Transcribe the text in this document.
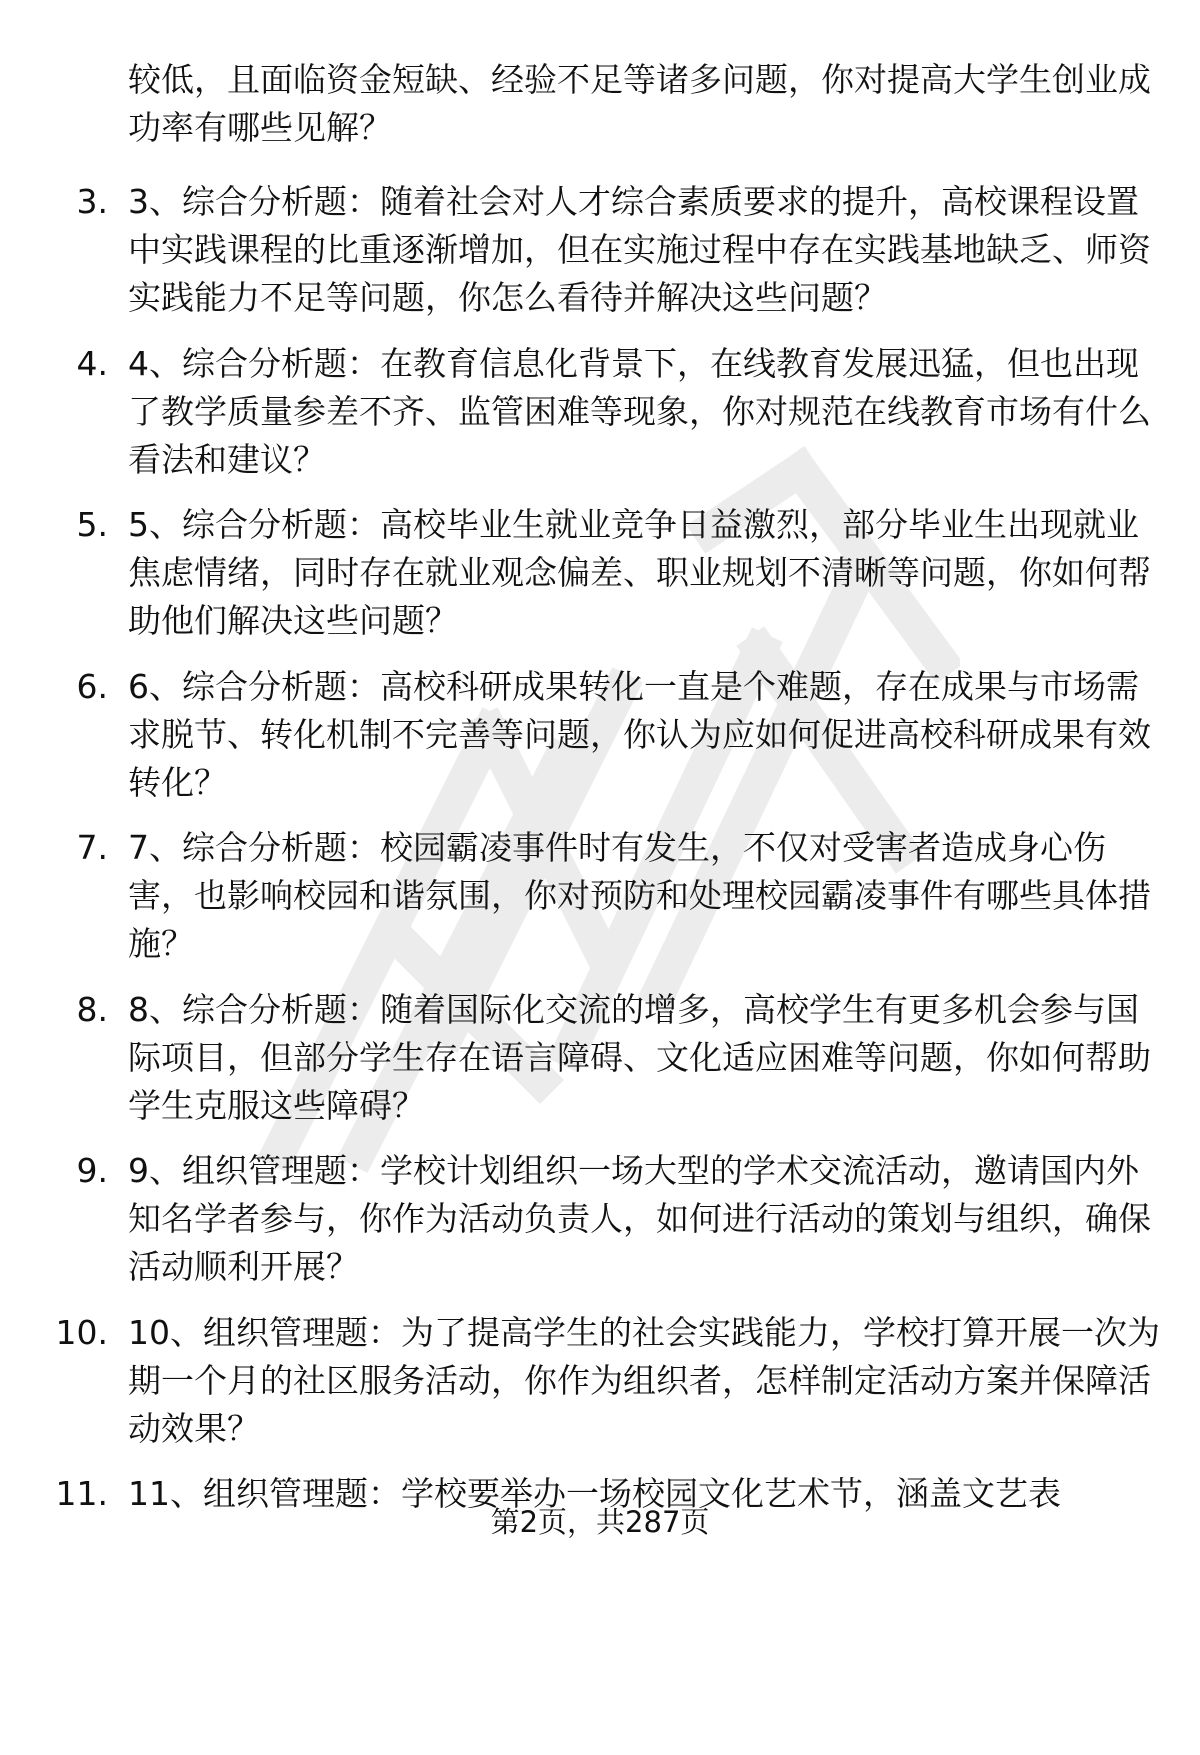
较低，且面临资金短缺、经验不足等诸多问题，你对提高大学生创业成功率有哪些见解？
3. 3、综合分析题：随着社会对人才综合素质要求的提升，高校课程设置中实践课程的比重逐渐增加，但在实施过程中存在实践基地缺乏、师资实践能力不足等问题，你怎么看待并解决这些问题？
4. 4、综合分析题：在教育信息化背景下，在线教育发展迅猛，但也出现了教学质量参差不齐、监管困难等现象，你对规范在线教育市场有什么看法和建议？
5. 5、综合分析题：高校毕业生就业竞争日益激烈，部分毕业生出现就业焦虑情绪，同时存在就业观念偏差、职业规划不清晰等问题，你如何帮助他们解决这些问题？
6. 6、综合分析题：高校科研成果转化一直是个难题，存在成果与市场需求脱节、转化机制不完善等问题，你认为应如何促进高校科研成果有效转化？
7. 7、综合分析题：校园霸凌事件时有发生，不仅对受害者造成身心伤害，也影响校园和谐氛围，你对预防和处理校园霸凌事件有哪些具体措施？
8. 8、综合分析题：随着国际化交流的增多，高校学生有更多机会参与国际项目，但部分学生存在语言障碍、文化适应困难等问题，你如何帮助学生克服这些障碍？
9. 9、组织管理题：学校计划组织一场大型的学术交流活动，邀请国内外知名学者参与，你作为活动负责人，如何进行活动的策划与组织，确保活动顺利开展？
10. 10、组织管理题：为了提高学生的社会实践能力，学校打算开展一次为期一个月的社区服务活动，你作为组织者，怎样制定活动方案并保障活动效果？
11. 11、组织管理题：学校要举办一场校园文化艺术节，涵盖文艺表
第2页，共287页
